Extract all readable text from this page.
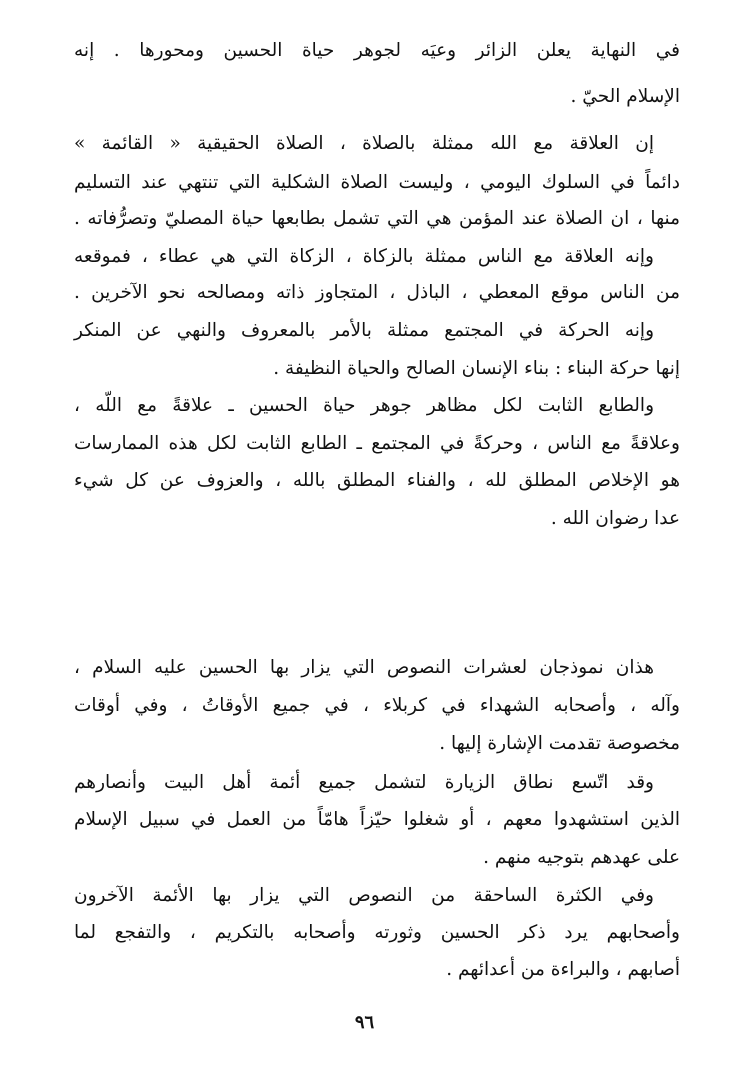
في النهاية يعلن الزائر وعيَه لجوهر حياة الحسين ومحورها . إنه
الإسلام الحيّ .
إن العلاقة مع الله ممثلة بالصلاة ، الصلاة الحقيقية « القائمة »
دائماً في السلوك اليومي ، وليست الصلاة الشكلية التي تنتهي عند التسليم
منها ، ان الصلاة عند المؤمن هي التي تشمل بطابعها حياة المصليّ وتصرُّفاته .
وإنه العلاقة مع الناس ممثلة بالزكاة ، الزكاة التي هي عطاء ، فموقعه
من الناس موقع المعطي ، الباذل ، المتجاوز ذاته ومصالحه نحو الآخرين .
وإنه الحركة في المجتمع ممثلة بالأمر بالمعروف والنهي عن المنكر
إنها حركة البناء : بناء الإنسان الصالح والحياة النظيفة .
والطابع الثابت لكل مظاهر جوهر حياة الحسين ـ علاقةً مع اللّه ،
وعلاقةً مع الناس ، وحركةً في المجتمع ـ الطابع الثابت لكل هذه الممارسات
هو الإخلاص المطلق لله ، والفناء المطلق بالله ، والعزوف عن كل شيء
عدا رضوان الله .
هذان نموذجان لعشرات النصوص التي يزار بها الحسين عليه السلام ،
وآله ، وأصحابه الشهداء في كربلاء ، في جميع الأوقاتُ ، وفي أوقات
مخصوصة تقدمت الإشارة إليها .
وقد اتّسع نطاق الزيارة لتشمل جميع أئمة أهل البيت وأنصارهم
الذين استشهدوا معهم ، أو شغلوا حيّزاً هامّاً من العمل في سبيل الإسلام
على عهدهم بتوجيه منهم .
وفي الكثرة الساحقة من النصوص التي يزار بها الأئمة الآخرون
وأصحابهم يرد ذكر الحسين وثورته وأصحابه بالتكريم ، والتفجع لما
أصابهم ، والبراءة من أعدائهم .
٩٦
